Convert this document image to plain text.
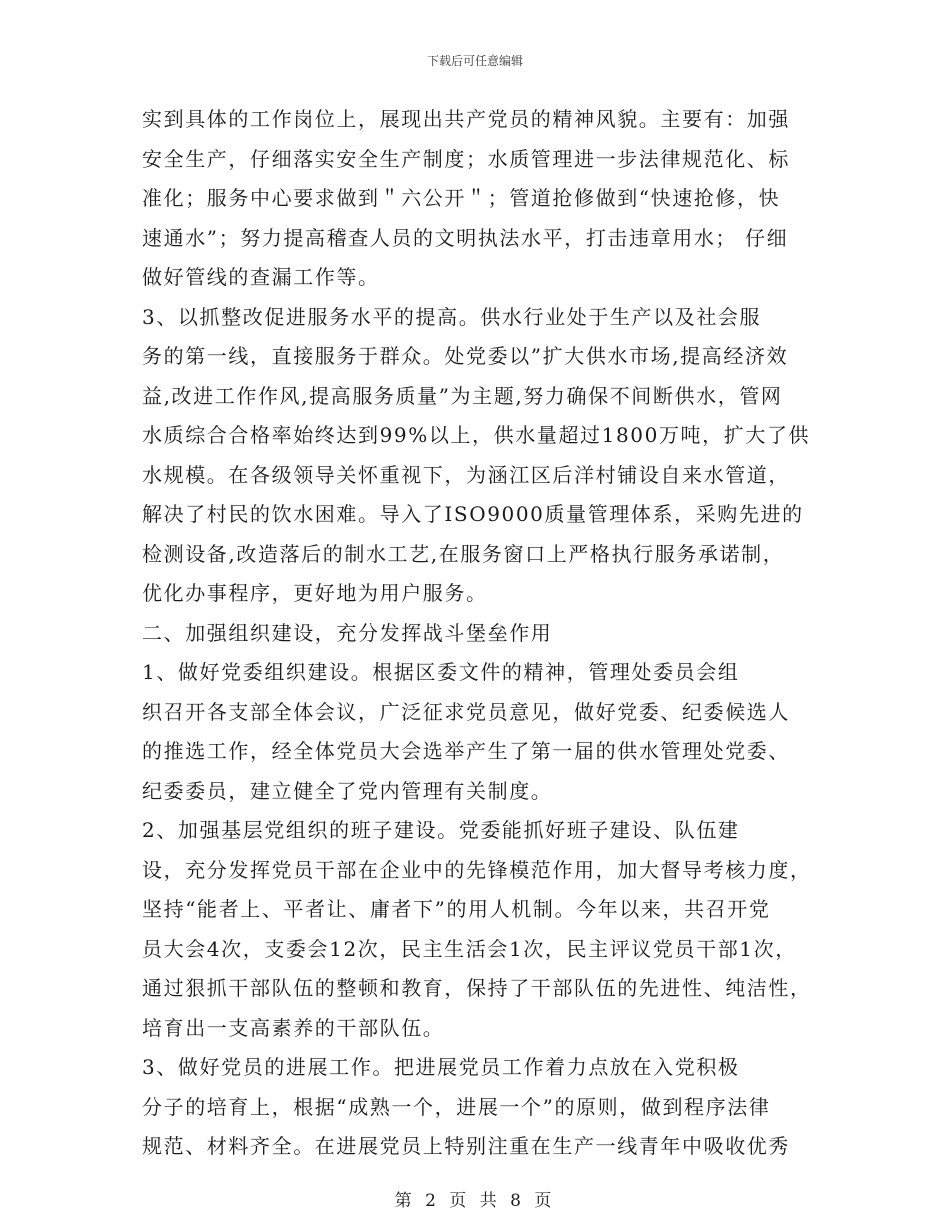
下载后可任意编辑

实到具体的工作岗位上，展现出共产党员的精神风貌。主要有：加强
安全生产，仔细落实安全生产制度；水质管理进一步法律规范化、标
准化；服务中心要求做到＂六公开＂；管道抢修做到“快速抢修，快
速通水”；努力提高稽查人员的文明执法水平，打击违章用水； 仔细
做好管线的查漏工作等。

3、以抓整改促进服务水平的提高。供水行业处于生产以及社会服
务的第一线，直接服务于群众。处党委以”扩大供水市场,提高经济效
益,改进工作作风,提高服务质量”为主题,努力确保不间断供水，管网
水质综合合格率始终达到99%以上，供水量超过1800万吨，扩大了供
水规模。在各级领导关怀重视下，为涵江区后洋村铺设自来水管道，
解决了村民的饮水困难。导入了ISO9000质量管理体系，采购先进的
检测设备,改造落后的制水工艺,在服务窗口上严格执行服务承诺制，
优化办事程序，更好地为用户服务。

二、加强组织建设，充分发挥战斗堡垒作用

1、做好党委组织建设。根据区委文件的精神，管理处委员会组
织召开各支部全体会议，广泛征求党员意见，做好党委、纪委候选人
的推选工作，经全体党员大会选举产生了第一届的供水管理处党委、
纪委委员，建立健全了党内管理有关制度。

2、加强基层党组织的班子建设。党委能抓好班子建设、队伍建
设，充分发挥党员干部在企业中的先锋模范作用，加大督导考核力度，
坚持“能者上、平者让、庸者下”的用人机制。今年以来，共召开党
员大会4次，支委会12次，民主生活会1次，民主评议党员干部1次，
通过狠抓干部队伍的整顿和教育，保持了干部队伍的先进性、纯洁性，
培育出一支高素养的干部队伍。

3、做好党员的进展工作。把进展党员工作着力点放在入党积极
分子的培育上，根据“成熟一个，进展一个”的原则，做到程序法律
规范、材料齐全。在进展党员上特别注重在生产一线青年中吸收优秀

第 2 页 共 8 页
